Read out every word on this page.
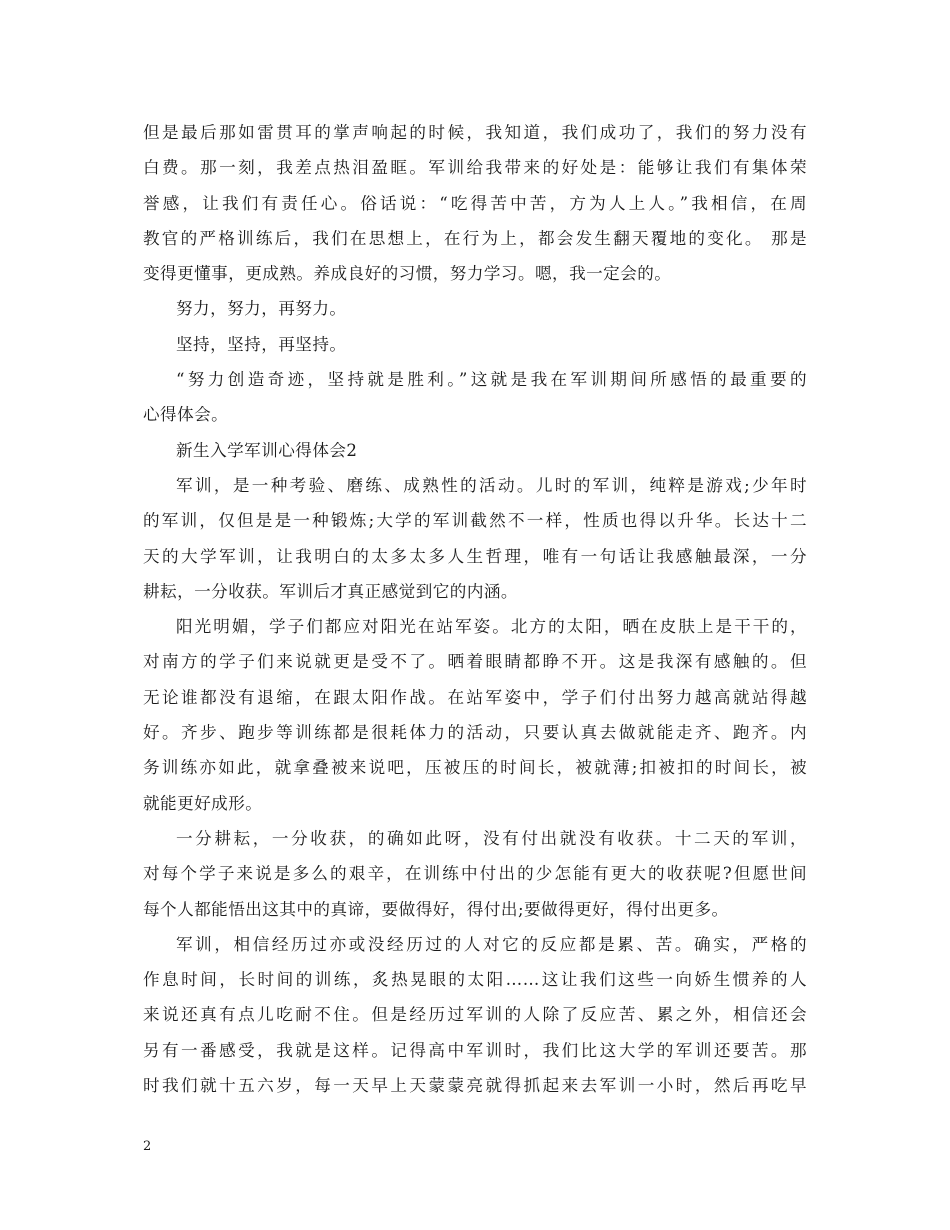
但是最后那如雷贯耳的掌声响起的时候，我知道，我们成功了，我们的努力没有
白费。那一刻，我差点热泪盈眶。军训给我带来的好处是：能够让我们有集体荣
誉感，让我们有责任心。俗话说：“吃得苦中苦，方为人上人。”我相信，在周
教官的严格训练后，我们在思想上，在行为上，都会发生翻天覆地的变化。 那是
变得更懂事，更成熟。养成良好的习惯，努力学习。嗯，我一定会的。
努力，努力，再努力。
坚持，坚持，再坚持。
“努力创造奇迹，坚持就是胜利。”这就是我在军训期间所感悟的最重要的
心得体会。
新生入学军训心得体会2
军训，是一种考验、磨练、成熟性的活动。儿时的军训，纯粹是游戏;少年时
的军训，仅但是是一种锻炼;大学的军训截然不一样，性质也得以升华。长达十二
天的大学军训，让我明白的太多太多人生哲理，唯有一句话让我感触最深，一分
耕耘，一分收获。军训后才真正感觉到它的内涵。
阳光明媚，学子们都应对阳光在站军姿。北方的太阳，晒在皮肤上是干干的，
对南方的学子们来说就更是受不了。晒着眼睛都睁不开。这是我深有感触的。但
无论谁都没有退缩，在跟太阳作战。在站军姿中，学子们付出努力越高就站得越
好。齐步、跑步等训练都是很耗体力的活动，只要认真去做就能走齐、跑齐。内
务训练亦如此，就拿叠被来说吧，压被压的时间长，被就薄;扣被扣的时间长，被
就能更好成形。
一分耕耘，一分收获，的确如此呀，没有付出就没有收获。十二天的军训，
对每个学子来说是多么的艰辛，在训练中付出的少怎能有更大的收获呢?但愿世间
每个人都能悟出这其中的真谛，要做得好，得付出;要做得更好，得付出更多。
军训，相信经历过亦或没经历过的人对它的反应都是累、苦。确实，严格的
作息时间，长时间的训练，炙热晃眼的太阳……这让我们这些一向娇生惯养的人
来说还真有点儿吃耐不住。但是经历过军训的人除了反应苦、累之外，相信还会
另有一番感受，我就是这样。记得高中军训时，我们比这大学的军训还要苦。那
时我们就十五六岁，每一天早上天蒙蒙亮就得抓起来去军训一小时，然后再吃早
2
